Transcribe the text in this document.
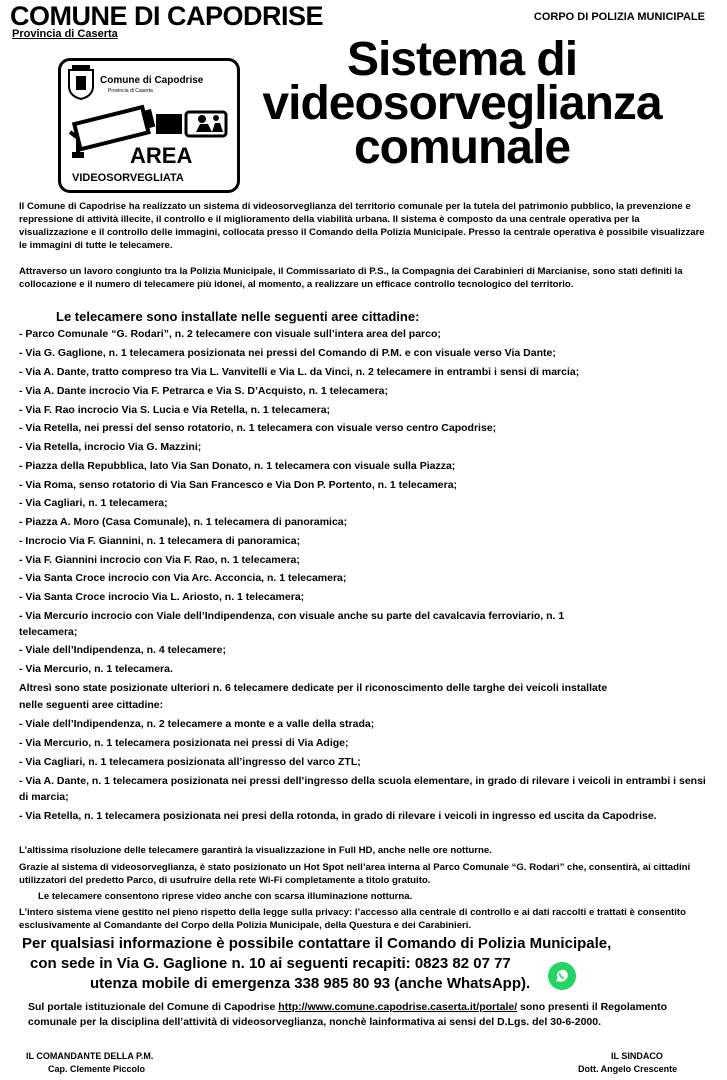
COMUNE DI CAPODRISE
Provincia di Caserta
CORPO DI POLIZIA MUNICIPALE
Sistema di
videosorveglianza
comunale
Comune di Capodrise
Provincia di Caserta
AREA
VIDEOSORVEGLIATA
Il Comune di Capodrise ha realizzato un sistema di videosorveglianza del territorio comunale per la tutela del patrimonio pubblico, la prevenzione e repressione di attività illecite, il controllo e il miglioramento della viabilità urbana. Il sistema è composto da una centrale operativa per la visualizzazione e il controllo delle immagini, collocata presso il Comando della Polizia Municipale. Presso la centrale operativa è possibile visualizzare le immagini di tutte le telecamere.
Attraverso un lavoro congiunto tra la Polizia Municipale, il Commissariato di P.S., la Compagnia dei Carabinieri di Marcianise, sono stati definiti la collocazione e il numero di telecamere più idonei, al momento, a realizzare un efficace controllo tecnologico del territorio.
Le telecamere sono installate nelle seguenti aree cittadine:
- Parco Comunale “G. Rodari”, n. 2 telecamere con visuale sull’intera area del parco;
- Via G. Gaglione, n. 1 telecamera posizionata nei pressi del Comando di P.M. e con visuale verso Via Dante;
- Via A. Dante, tratto compreso tra Via L. Vanvitelli e Via L. da Vinci, n. 2 telecamere in entrambi i sensi di marcia;
- Via A. Dante incrocio Via F. Petrarca e Via S. D’Acquisto, n. 1 telecamera;
- Via F. Rao incrocio Via S. Lucia e Via Retella, n. 1 telecamera;
- Via Retella, nei pressi del senso rotatorio, n. 1 telecamera con visuale verso centro Capodrise;
- Via Retella, incrocio Via G. Mazzini;
- Piazza della Repubblica, lato Via San Donato, n. 1 telecamera con visuale sulla Piazza;
- Via Roma, senso rotatorio di Via San Francesco e Via Don P. Portento, n. 1 telecamera;
- Via Cagliari, n. 1 telecamera;
- Piazza A. Moro (Casa Comunale), n. 1 telecamera di panoramica;
- Incrocio Via F. Giannini, n. 1 telecamera di panoramica;
- Via F. Giannini incrocio con Via F. Rao, n. 1 telecamera;
- Via Santa Croce incrocio con Via Arc. Acconcia, n. 1 telecamera;
- Via Santa Croce incrocio Via L. Ariosto, n. 1 telecamera;
- Via Mercurio incrocio con Viale dell’Indipendenza, con visuale anche su parte del cavalcavia ferroviario, n. 1
telecamera;
- Viale dell’Indipendenza, n. 4 telecamere;
- Via Mercurio, n. 1 telecamera.
Altresì sono state posizionate ulteriori n. 6 telecamere dedicate per il riconoscimento delle targhe dei veicoli installate
nelle seguenti aree cittadine:
- Viale dell’Indipendenza, n. 2 telecamere a monte e a valle della strada;
- Via Mercurio, n. 1 telecamera posizionata nei pressi di Via Adige;
- Via Cagliari, n. 1 telecamera posizionata all’ingresso del varco ZTL;
- Via A. Dante, n. 1 telecamera posizionata nei pressi dell’ingresso della scuola elementare, in grado di rilevare i veicoli in entrambi i sensi di marcia;
- Via Retella, n. 1 telecamera posizionata nei presi della rotonda, in grado di rilevare i veicoli in ingresso ed uscita da Capodrise.
L’altissima risoluzione delle telecamere garantirà la visualizzazione in Full HD, anche nelle ore notturne.
Grazie al sistema di videosorveglianza, è stato posizionato un Hot Spot nell’area interna al Parco Comunale “G. Rodari” che, consentirà, ai cittadini utilizzatori del predetto Parco, di usufruire della rete Wi-Fi completamente a titolo gratuito.
Le telecamere consentono riprese video anche con scarsa illuminazione notturna.
L’intero sistema viene gestito nel pieno rispetto della legge sulla privacy: l’accesso alla centrale di controllo e ai dati raccolti e trattati è consentito esclusivamente al Comandante del Corpo della Polizia Municipale, della Questura e dei Carabinieri.
Per qualsiasi informazione è possibile contattare il Comando di Polizia Municipale,
con sede in Via G. Gaglione n. 10 ai seguenti recapiti: 0823 82 07 77
utenza mobile di emergenza 338 985 80 93 (anche WhatsApp).
Sul portale istituzionale del Comune di Capodrise http://www.comune.capodrise.caserta.it/portale/ sono presenti il Regolamento comunale per la disciplina dell’attività di videosorveglianza, nonchè lainformativa ai sensi del D.Lgs. del 30-6-2000.
IL COMANDANTE DELLA P.M.
Cap. Clemente Piccolo
IL SINDACO
Dott. Angelo Crescente
